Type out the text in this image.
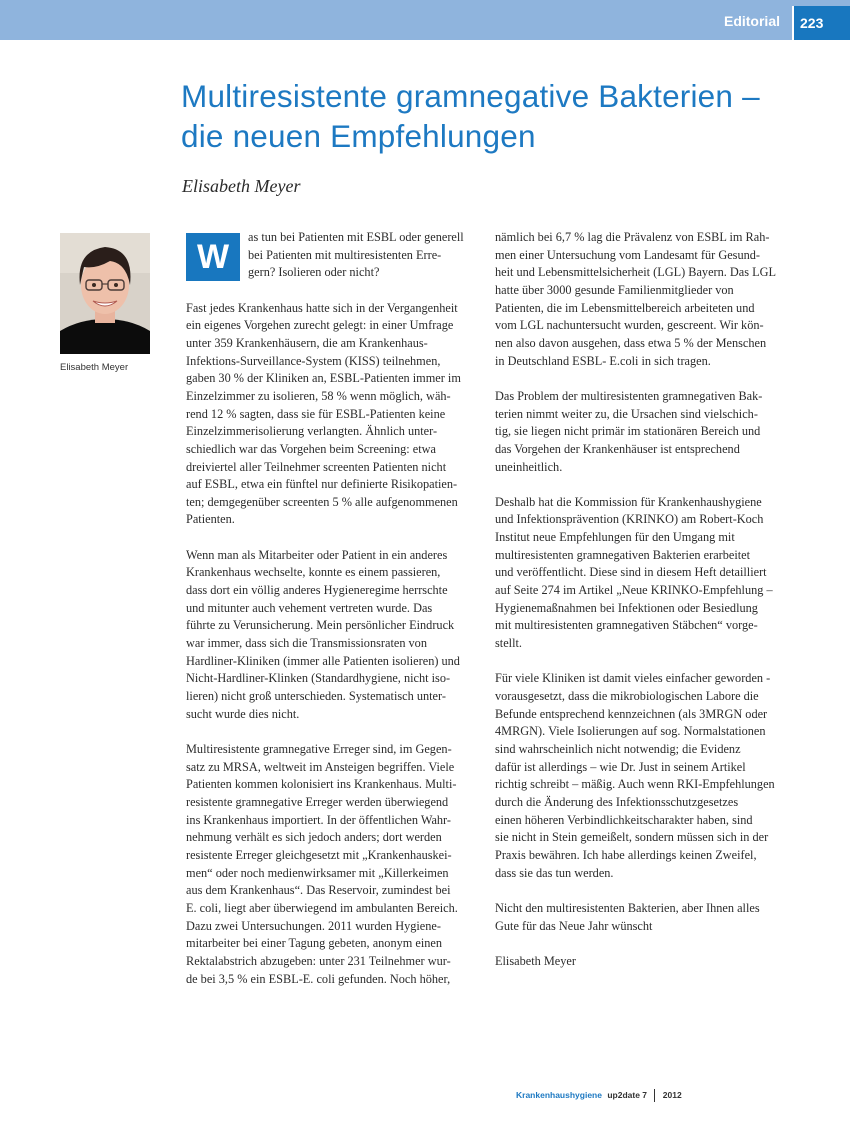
Editorial	223
Multiresistente gramnegative Bakterien –
die neuen Empfehlungen

Elisabeth Meyer

Elisabeth Meyer
W

as tun bei Patienten mit ESBL oder generell
bei Patienten mit multiresistenten Erre-
gern? Isolieren oder nicht?

Fast jedes Krankenhaus hatte sich in der Vergangenheit
ein eigenes Vorgehen zurecht gelegt: in einer Umfrage
unter 359 Krankenhäusern, die am Krankenhaus-
Infektions-Surveillance-System (KISS) teilnehmen,
gaben 30 % der Kliniken an, ESBL-Patienten immer im
Einzelzimmer zu isolieren, 58 % wenn möglich, wäh-
rend 12 % sagten, dass sie für ESBL-Patienten keine
Einzelzimmerisolierung verlangten. Ähnlich unter-
schiedlich war das Vorgehen beim Screening: etwa
dreiviertel aller Teilnehmer screenten Patienten nicht
auf ESBL, etwa ein fünftel nur definierte Risikopatien-
ten; demgegenüber screenten 5 % alle aufgenommenen
Patienten.

Wenn man als Mitarbeiter oder Patient in ein anderes
Krankenhaus wechselte, konnte es einem passieren,
dass dort ein völlig anderes Hygieneregime herrschte
und mitunter auch vehement vertreten wurde. Das
führte zu Verunsicherung. Mein persönlicher Eindruck
war immer, dass sich die Transmissionsraten von
Hardliner-Kliniken (immer alle Patienten isolieren) und
Nicht-Hardliner-Klinken (Standardhygiene, nicht iso-
lieren) nicht groß unterschieden. Systematisch unter-
sucht wurde dies nicht.

Multiresistente gramnegative Erreger sind, im Gegen-
satz zu MRSA, weltweit im Ansteigen begriffen. Viele
Patienten kommen kolonisiert ins Krankenhaus. Multi-
resistente gramnegative Erreger werden überwiegend
ins Krankenhaus importiert. In der öffentlichen Wahr-
nehmung verhält es sich jedoch anders; dort werden
resistente Erreger gleichgesetzt mit „Krankenhauskei-
men“ oder noch medienwirksamer mit „Killerkeimen
aus dem Krankenhaus“. Das Reservoir, zumindest bei
E. coli, liegt aber überwiegend im ambulanten Bereich.
Dazu zwei Untersuchungen. 2011 wurden Hygiene-
mitarbeiter bei einer Tagung gebeten, anonym einen
Rektalabstrich abzugeben: unter 231 Teilnehmer wur-
de bei 3,5 % ein ESBL-E. coli gefunden. Noch höher,

nämlich bei 6,7 % lag die Prävalenz von ESBL im Rah-
men einer Untersuchung vom Landesamt für Gesund-
heit und Lebensmittelsicherheit (LGL) Bayern. Das LGL
hatte über 3000 gesunde Familienmitglieder von
Patienten, die im Lebensmittelbereich arbeiteten und
vom LGL nachuntersucht wurden, gescreent. Wir kön-
nen also davon ausgehen, dass etwa 5 % der Menschen
in Deutschland ESBL- E.coli in sich tragen.

Das Problem der multiresistenten gramnegativen Bak-
terien nimmt weiter zu, die Ursachen sind vielschich-
tig, sie liegen nicht primär im stationären Bereich und
das Vorgehen der Krankenhäuser ist entsprechend
uneinheitlich.

Deshalb hat die Kommission für Krankenhaushygiene
und Infektionsprävention (KRINKO) am Robert-Koch
Institut neue Empfehlungen für den Umgang mit
multiresistenten gramnegativen Bakterien erarbeitet
und veröffentlicht. Diese sind in diesem Heft detailliert
auf Seite 274 im Artikel „Neue KRINKO-Empfehlung –
Hygienemaßnahmen bei Infektionen oder Besiedlung
mit multiresistenten gramnegativen Stäbchen“ vorge-
stellt.

Für viele Kliniken ist damit vieles einfacher geworden -
vorausgesetzt, dass die mikrobiologischen Labore die
Befunde entsprechend kennzeichnen (als 3MRGN oder
4MRGN). Viele Isolierungen auf sog. Normalstationen
sind wahrscheinlich nicht notwendig; die Evidenz
dafür ist allerdings – wie Dr. Just in seinem Artikel
richtig schreibt – mäßig. Auch wenn RKI-Empfehlungen
durch die Änderung des Infektionsschutzgesetzes
einen höheren Verbindlichkeitscharakter haben, sind
sie nicht in Stein gemeißelt, sondern müssen sich in der
Praxis bewähren. Ich habe allerdings keinen Zweifel,
dass sie das tun werden.

Nicht den multiresistenten Bakterien, aber Ihnen alles
Gute für das Neue Jahr wünscht

Elisabeth Meyer

Krankenhaushygiene up2date 7 2012
